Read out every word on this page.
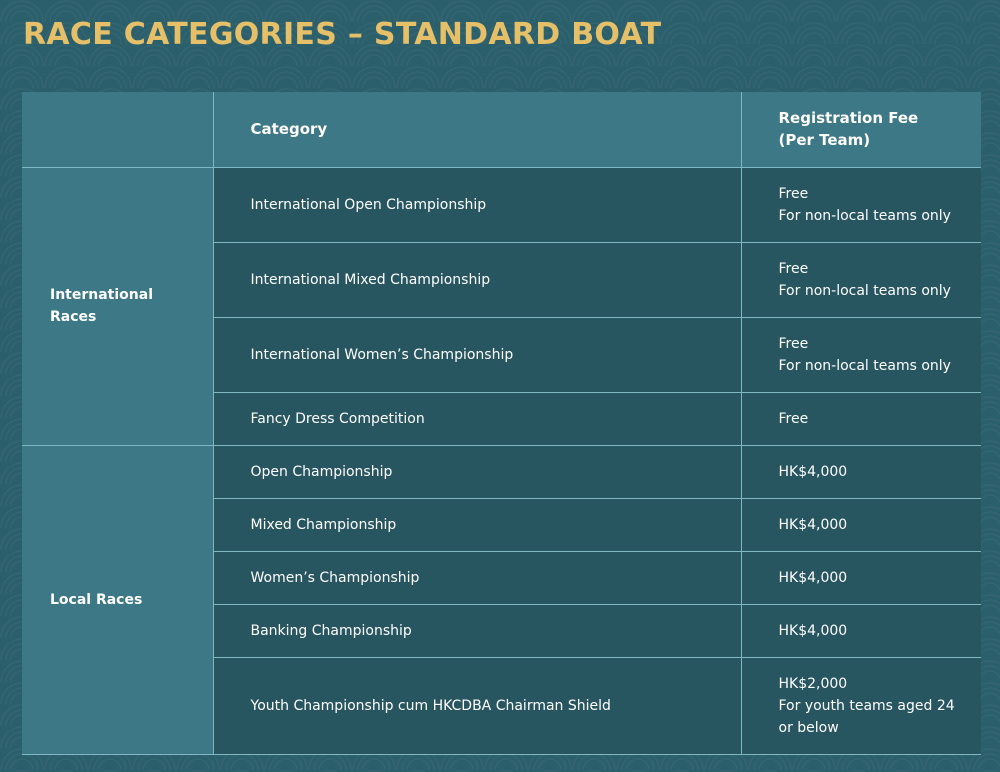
RACE CATEGORIES – STANDARD BOAT
	Category	Registration Fee
(Per Team)

International
Races	International Open Championship	Free
For non-local teams only

	International Mixed Championship	Free
For non-local teams only

	International Women’s Championship	Free
For non-local teams only

	Fancy Dress Competition	Free

Local Races	Open Championship	HK$4,000

	Mixed Championship	HK$4,000

	Women’s Championship	HK$4,000

	Banking Championship	HK$4,000

	Youth Championship cum HKCDBA Chairman Shield	HK$2,000
For youth teams aged 24
or below
